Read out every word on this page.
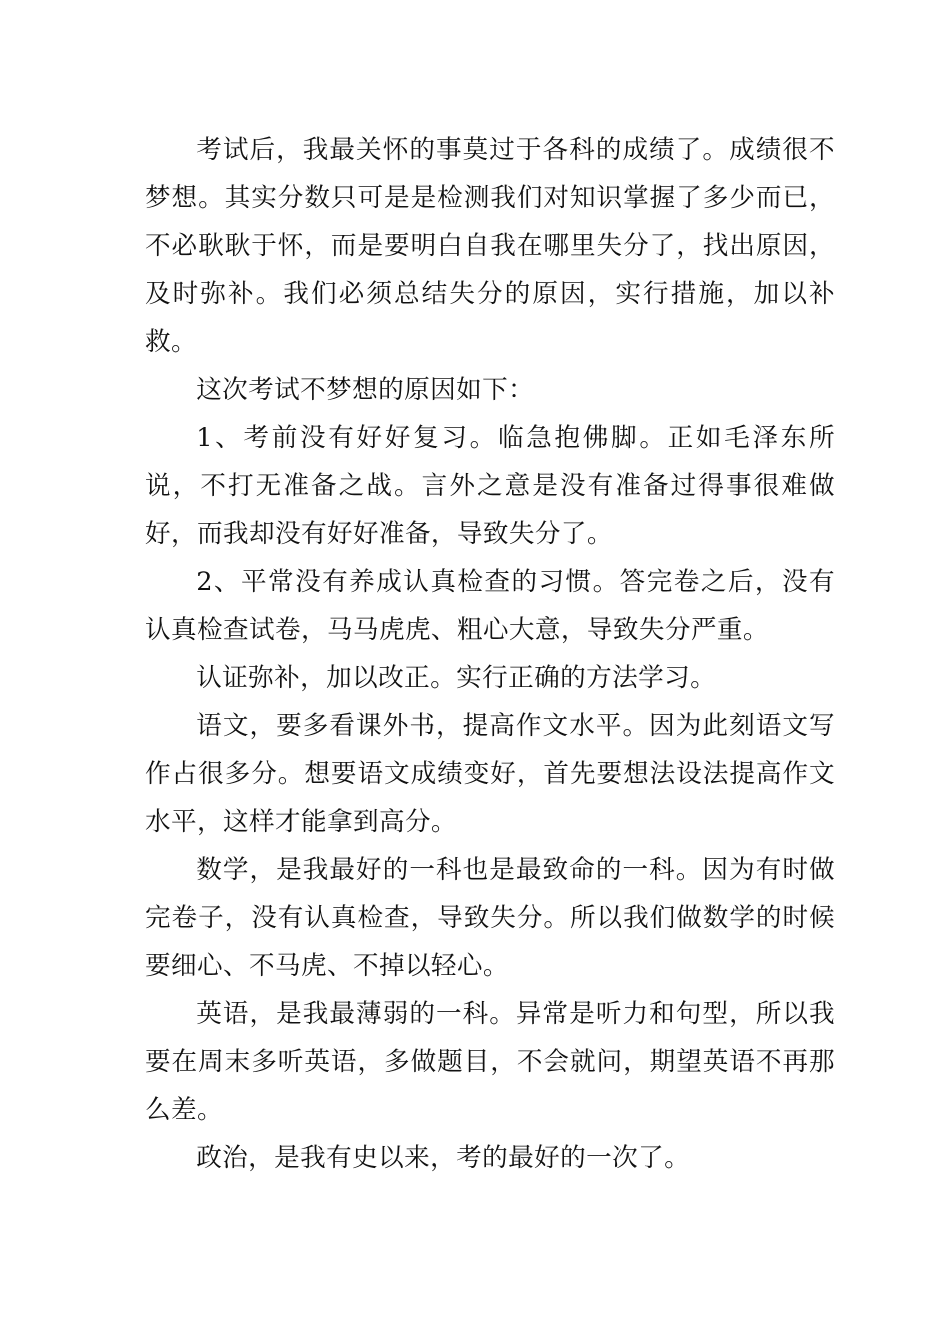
考试后，我最关怀的事莫过于各科的成绩了。成绩很不梦想。其实分数只可是是检测我们对知识掌握了多少而已，不必耿耿于怀，而是要明白自我在哪里失分了，找出原因，及时弥补。我们必须总结失分的原因，实行措施，加以补救。

这次考试不梦想的原因如下：

1、考前没有好好复习。临急抱佛脚。正如毛泽东所说，不打无准备之战。言外之意是没有准备过得事很难做好，而我却没有好好准备，导致失分了。

2、平常没有养成认真检查的习惯。答完卷之后，没有认真检查试卷，马马虎虎、粗心大意，导致失分严重。

认证弥补，加以改正。实行正确的方法学习。

语文，要多看课外书，提高作文水平。因为此刻语文写作占很多分。想要语文成绩变好，首先要想法设法提高作文水平，这样才能拿到高分。

数学，是我最好的一科也是最致命的一科。因为有时做完卷子，没有认真检查，导致失分。所以我们做数学的时候要细心、不马虎、不掉以轻心。

英语，是我最薄弱的一科。异常是听力和句型，所以我要在周末多听英语，多做题目，不会就问，期望英语不再那么差。

政治，是我有史以来，考的最好的一次了。
